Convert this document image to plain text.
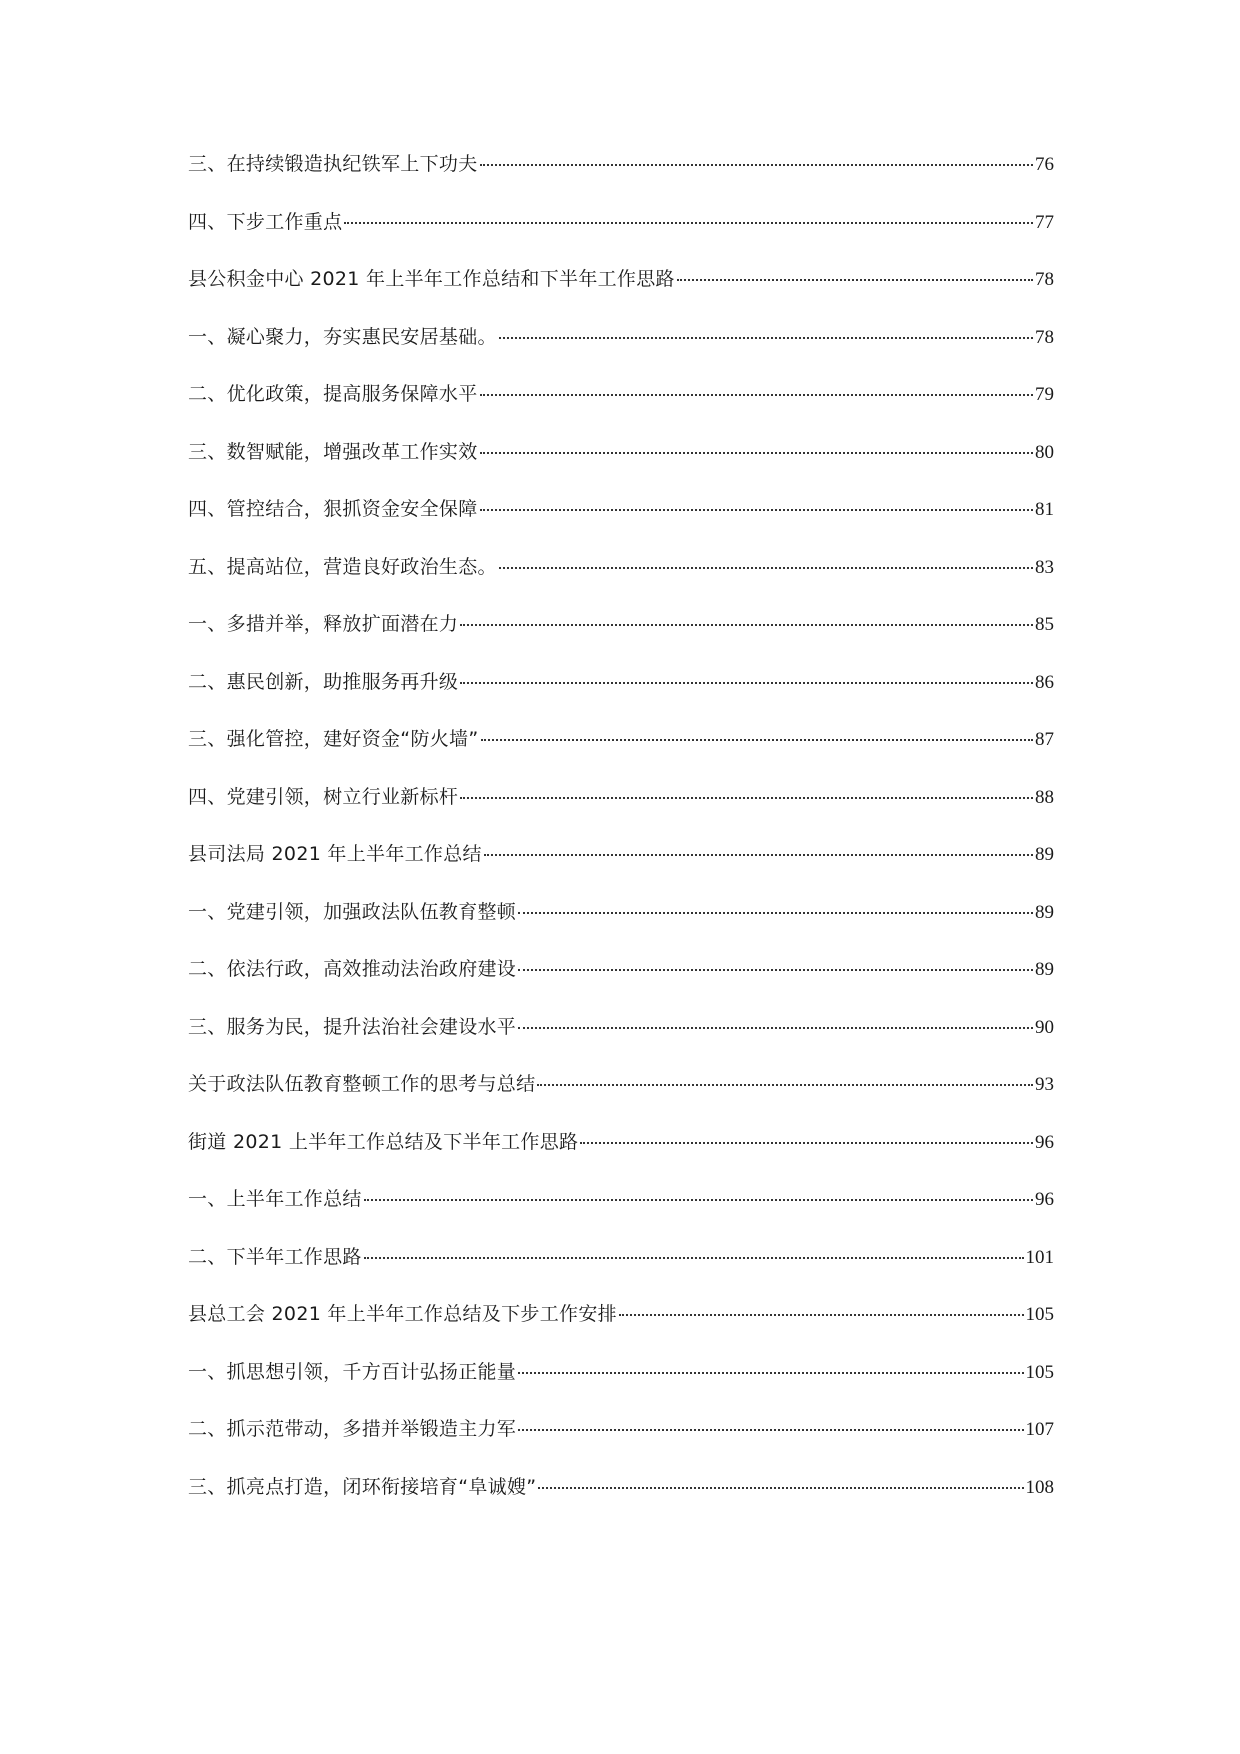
三、在持续锻造执纪铁军上下功夫	76
四、下步工作重点	77
县公积金中心 2021 年上半年工作总结和下半年工作思路	78
一、凝心聚力，夯实惠民安居基础。	78
二、优化政策，提高服务保障水平	79
三、数智赋能，增强改革工作实效	80
四、管控结合，狠抓资金安全保障	81
五、提高站位，营造良好政治生态。	83
一、多措并举，释放扩面潜在力	85
二、惠民创新，助推服务再升级	86
三、强化管控，建好资金“防火墙”	87
四、党建引领，树立行业新标杆	88
县司法局 2021 年上半年工作总结	89
一、党建引领，加强政法队伍教育整顿	89
二、依法行政，高效推动法治政府建设	89
三、服务为民，提升法治社会建设水平	90
关于政法队伍教育整顿工作的思考与总结	93
街道 2021 上半年工作总结及下半年工作思路	96
一、上半年工作总结	96
二、下半年工作思路	101
县总工会 2021 年上半年工作总结及下步工作安排	105
一、抓思想引领，千方百计弘扬正能量	105
二、抓示范带动，多措并举锻造主力军	107
三、抓亮点打造，闭环衔接培育“阜诚嫂”	108
